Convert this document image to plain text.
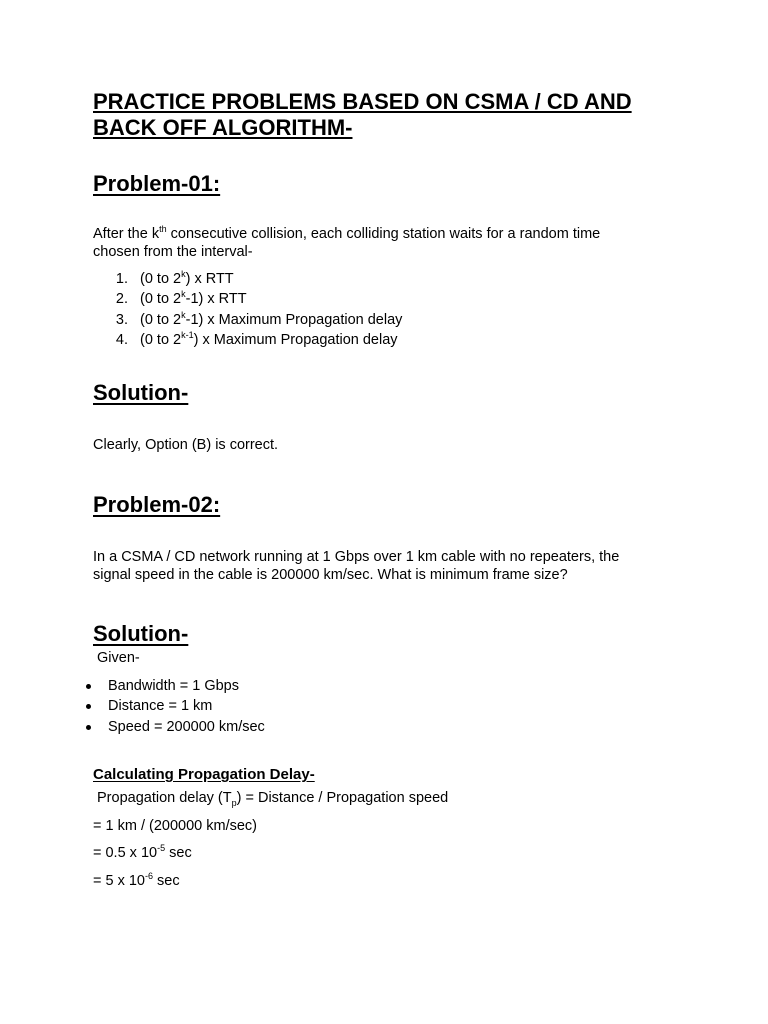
PRACTICE PROBLEMS BASED ON CSMA / CD AND
BACK OFF ALGORITHM-
Problem-01:
After the $k^{th}$ consecutive collision, each colliding station waits for a random time
chosen from the interval-
1. (0 to 2$^k$) x RTT
2. (0 to 2$^k$-1) x RTT
3. (0 to 2$^k$-1) x Maximum Propagation delay
4. (0 to 2$^{k-1}$) x Maximum Propagation delay
Solution-
Clearly, Option (B) is correct.
Problem-02:
In a CSMA / CD network running at 1 Gbps over 1 km cable with no repeaters, the
signal speed in the cable is 200000 km/sec. What is minimum frame size?
Solution-
Given-
Bandwidth = 1 Gbps
Distance = 1 km
Speed = 200000 km/sec
Calculating Propagation Delay-
Propagation delay $(T_p)$ = Distance / Propagation speed
= 1 km / (200000 km/sec)
= 0.5 x $10^{-5}$ sec
= 5 x $10^{-6}$ sec
